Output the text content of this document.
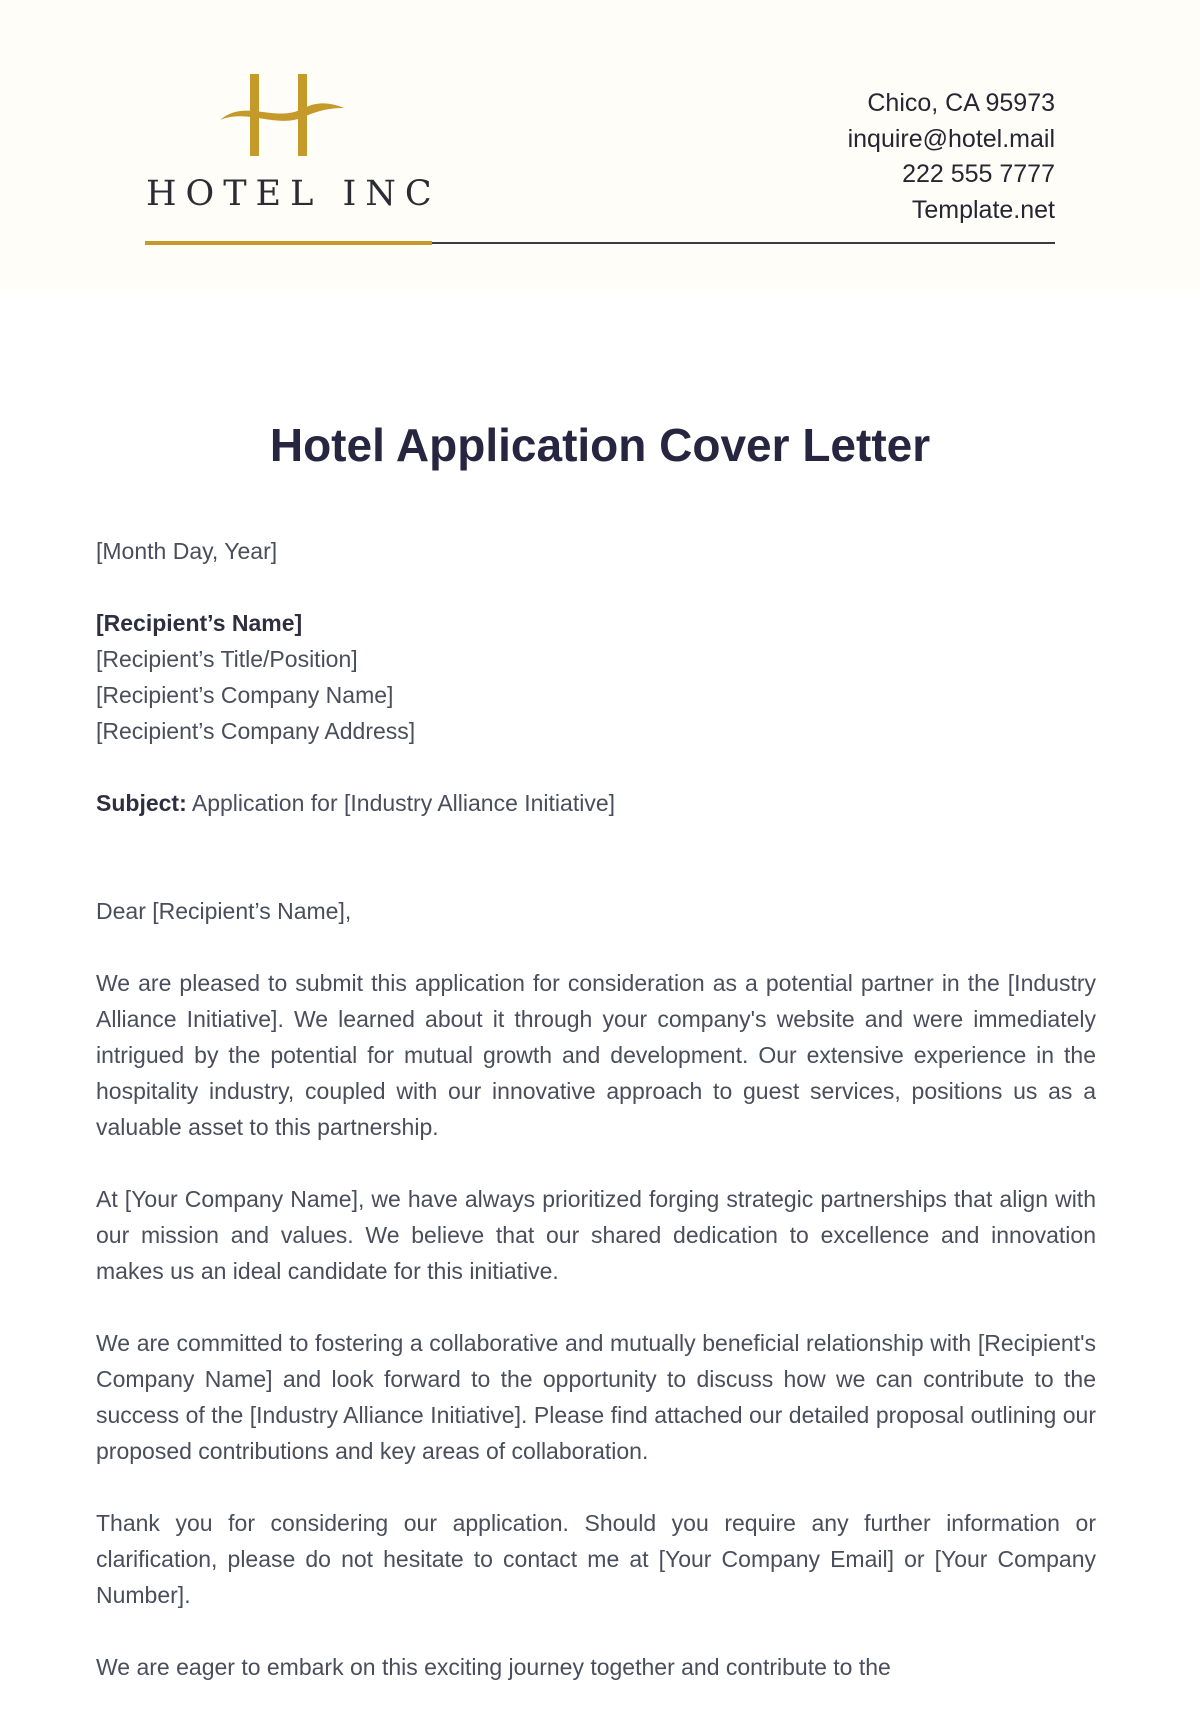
HOTEL INC
Chico, CA 95973
inquire@hotel.mail
222 555 7777
Template.net
Hotel Application Cover Letter

[Month Day, Year]

[Recipient’s Name]

[Recipient’s Title/Position]

[Recipient’s Company Name]

[Recipient’s Company Address]

Subject: Application for [Industry Alliance Initiative]

Dear [Recipient’s Name],

We are pleased to submit this application for consideration as a potential partner in the [Industry Alliance Initiative]. We learned about it through your company's website and were immediately intrigued by the potential for mutual growth and development. Our extensive experience in the hospitality industry, coupled with our innovative approach to guest services, positions us as a valuable asset to this partnership.

At [Your Company Name], we have always prioritized forging strategic partnerships that align with our mission and values. We believe that our shared dedication to excellence and innovation makes us an ideal candidate for this initiative.

We are committed to fostering a collaborative and mutually beneficial relationship with [Recipient's Company Name] and look forward to the opportunity to discuss how we can contribute to the success of the [Industry Alliance Initiative]. Please find attached our detailed proposal outlining our proposed contributions and key areas of collaboration.

Thank you for considering our application. Should you require any further information or clarification, please do not hesitate to contact me at [Your Company Email] or [Your Company Number].

We are eager to embark on this exciting journey together and contribute to the
